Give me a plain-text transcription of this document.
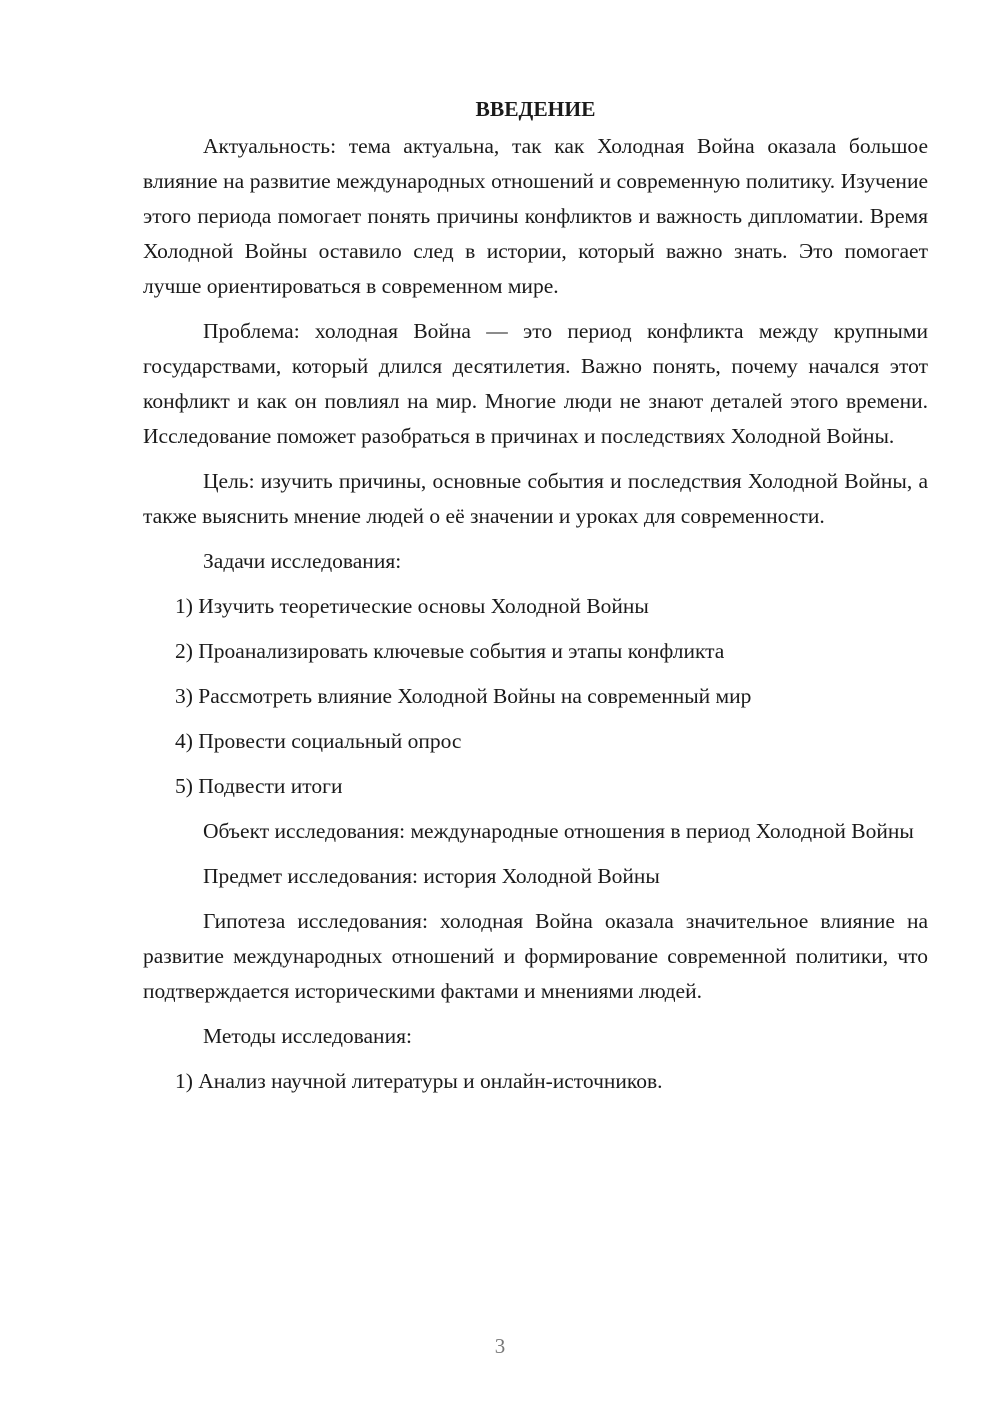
ВВЕДЕНИЕ

Актуальность: тема актуальна, так как Холодная Война оказала большое влияние на развитие международных отношений и современную политику. Изучение этого периода помогает понять причины конфликтов и важность дипломатии. Время Холодной Войны оставило след в истории, который важно знать. Это помогает лучше ориентироваться в современном мире.

Проблема: холодная Война — это период конфликта между крупными государствами, который длился десятилетия. Важно понять, почему начался этот конфликт и как он повлиял на мир. Многие люди не знают деталей этого времени. Исследование поможет разобраться в причинах и последствиях Холодной Войны.

Цель: изучить причины, основные события и последствия Холодной Войны, а также выяснить мнение людей о её значении и уроках для современности.

Задачи исследования:
1) Изучить теоретические основы Холодной Войны
2) Проанализировать ключевые события и этапы конфликта
3) Рассмотреть влияние Холодной Войны на современный мир
4) Провести социальный опрос
5) Подвести итоги

Объект исследования: международные отношения в период Холодной Войны

Предмет исследования: история Холодной Войны

Гипотеза исследования: холодная Война оказала значительное влияние на развитие международных отношений и формирование современной политики, что подтверждается историческими фактами и мнениями людей.

Методы исследования:
1) Анализ научной литературы и онлайн-источников.
3
